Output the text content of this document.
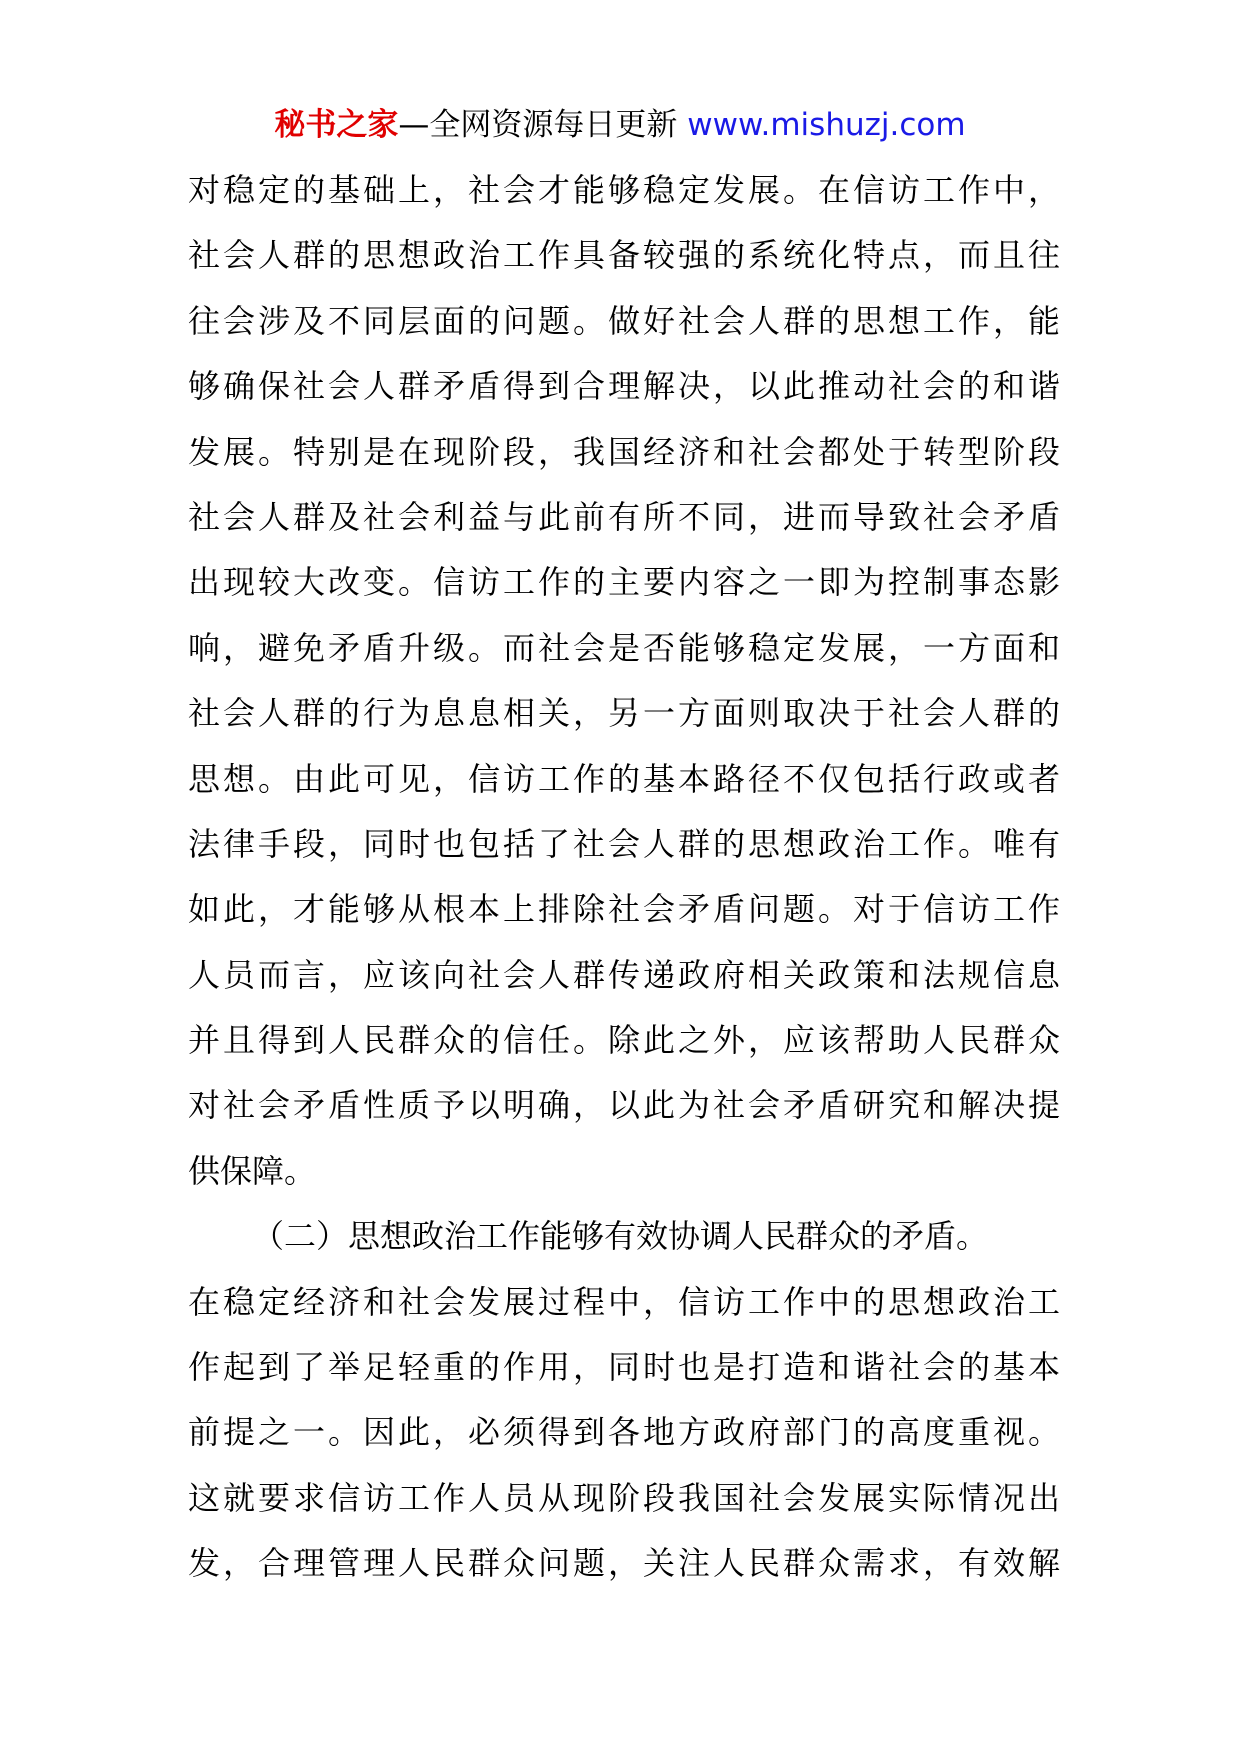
秘书之家—全网资源每日更新 www.mishuzj.com
对稳定的基础上，社会才能够稳定发展。在信访工作中，
社会人群的思想政治工作具备较强的系统化特点，而且往
往会涉及不同层面的问题。做好社会人群的思想工作，能
够确保社会人群矛盾得到合理解决，以此推动社会的和谐
发展。特别是在现阶段，我国经济和社会都处于转型阶段
社会人群及社会利益与此前有所不同，进而导致社会矛盾
出现较大改变。信访工作的主要内容之一即为控制事态影
响，避免矛盾升级。而社会是否能够稳定发展，一方面和
社会人群的行为息息相关，另一方面则取决于社会人群的
思想。由此可见，信访工作的基本路径不仅包括行政或者
法律手段，同时也包括了社会人群的思想政治工作。唯有
如此，才能够从根本上排除社会矛盾问题。对于信访工作
人员而言，应该向社会人群传递政府相关政策和法规信息
并且得到人民群众的信任。除此之外，应该帮助人民群众
对社会矛盾性质予以明确，以此为社会矛盾研究和解决提
供保障。
（二）思想政治工作能够有效协调人民群众的矛盾。
在稳定经济和社会发展过程中，信访工作中的思想政治工
作起到了举足轻重的作用，同时也是打造和谐社会的基本
前提之一。因此，必须得到各地方政府部门的高度重视。
这就要求信访工作人员从现阶段我国社会发展实际情况出
发，合理管理人民群众问题，关注人民群众需求，有效解
